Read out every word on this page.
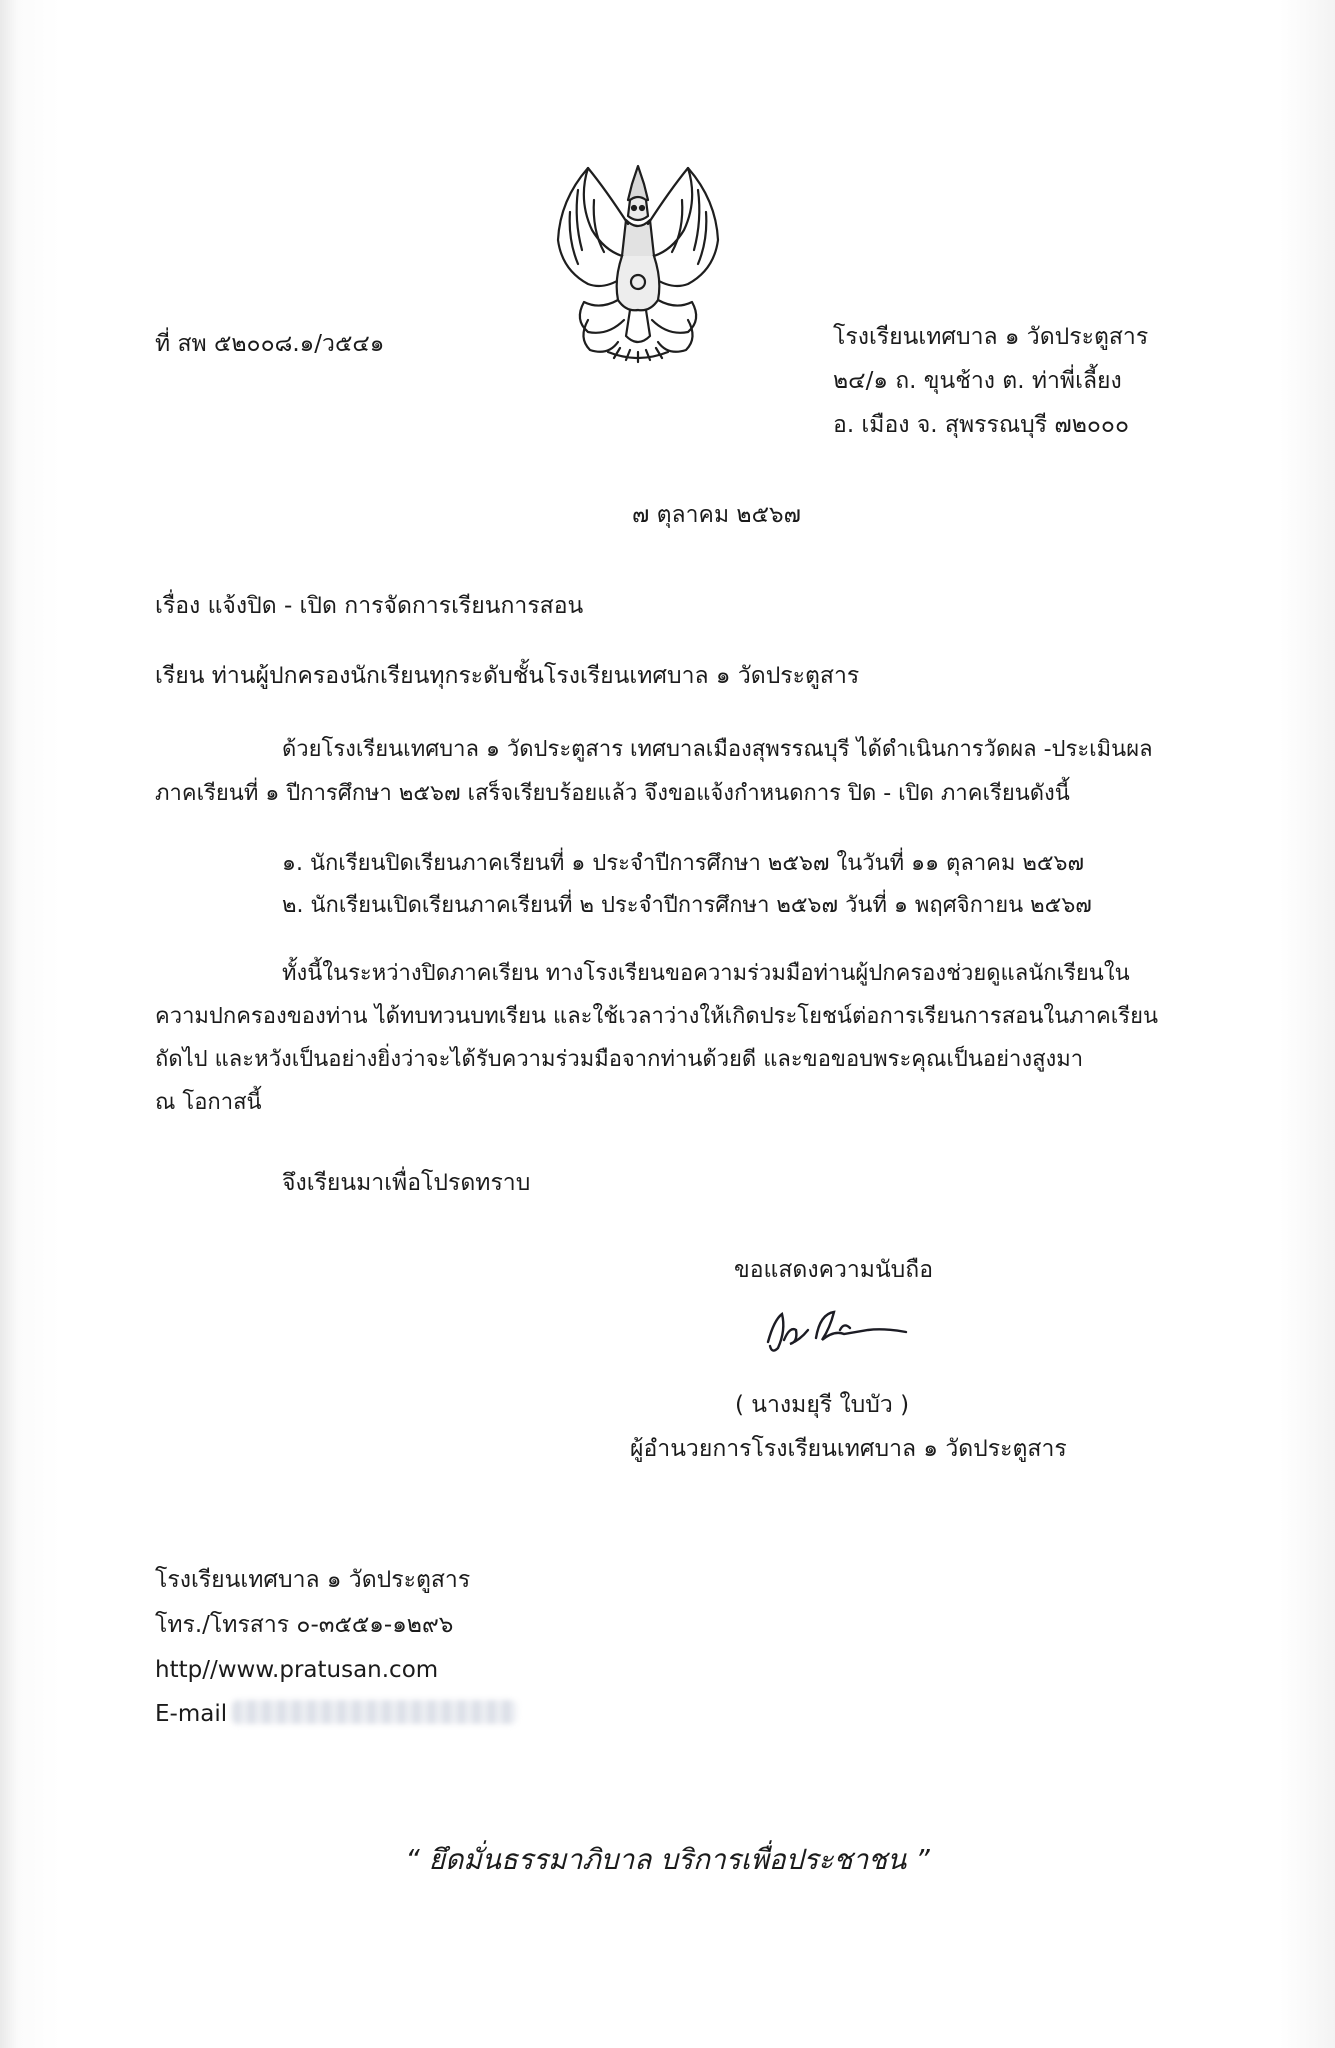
ที่ สพ ๕๒๐๐๘.๑/ว๕๔๑	โรงเรียนเทศบาล ๑ วัดประตูสาร
๒๔/๑ ถ. ขุนช้าง ต. ท่าพี่เลี้ยง
อ. เมือง จ. สุพรรณบุรี ๗๒๐๐๐
๗ ตุลาคม ๒๕๖๗
เรื่อง แจ้งปิด - เปิด การจัดการเรียนการสอน
เรียน ท่านผู้ปกครองนักเรียนทุกระดับชั้นโรงเรียนเทศบาล ๑ วัดประตูสาร
ด้วยโรงเรียนเทศบาล ๑ วัดประตูสาร เทศบาลเมืองสุพรรณบุรี ได้ดำเนินการวัดผล -ประเมินผล
ภาคเรียนที่ ๑ ปีการศึกษา ๒๕๖๗ เสร็จเรียบร้อยแล้ว จึงขอแจ้งกำหนดการ ปิด - เปิด ภาคเรียนดังนี้
๑. นักเรียนปิดเรียนภาคเรียนที่ ๑ ประจำปีการศึกษา ๒๕๖๗ ในวันที่ ๑๑ ตุลาคม ๒๕๖๗
๒. นักเรียนเปิดเรียนภาคเรียนที่ ๒ ประจำปีการศึกษา ๒๕๖๗ วันที่ ๑ พฤศจิกายน ๒๕๖๗
ทั้งนี้ในระหว่างปิดภาคเรียน ทางโรงเรียนขอความร่วมมือท่านผู้ปกครองช่วยดูแลนักเรียนใน
ความปกครองของท่าน ได้ทบทวนบทเรียน และใช้เวลาว่างให้เกิดประโยชน์ต่อการเรียนการสอนในภาคเรียน
ถัดไป และหวังเป็นอย่างยิ่งว่าจะได้รับความร่วมมือจากท่านด้วยดี และขอขอบพระคุณเป็นอย่างสูงมา
ณ โอกาสนี้
จึงเรียนมาเพื่อโปรดทราบ
ขอแสดงความนับถือ
( นางมยุรี ใบบัว )
ผู้อำนวยการโรงเรียนเทศบาล ๑ วัดประตูสาร
โรงเรียนเทศบาล ๑ วัดประตูสาร
โทร./โทรสาร ๐-๓๕๕๑-๑๒๙๖
http//www.pratusan.com
E-mail
“ ยึดมั่นธรรมาภิบาล บริการเพื่อประชาชน ”
